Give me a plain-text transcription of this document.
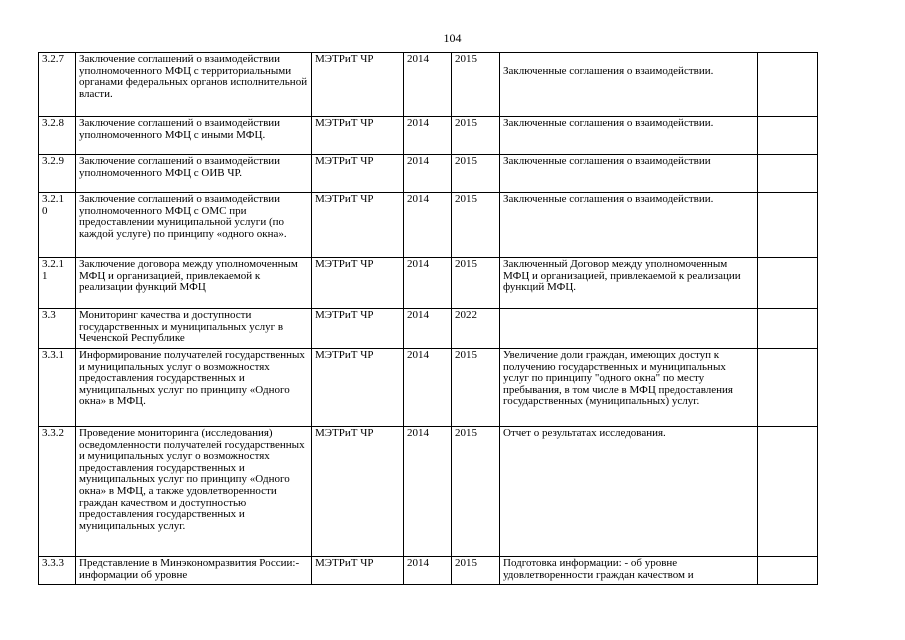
104
3.2.7	Заключение соглашений о взаимодействии уполномоченного МФЦ с территориальными органами федеральных органов исполнительной власти.	МЭТРиТ ЧР	2014	2015	Заключенные соглашения о взаимодействии.	
3.2.8	Заключение соглашений о взаимодействии уполномоченного МФЦ с иными МФЦ.	МЭТРиТ ЧР	2014	2015	Заключенные соглашения о взаимодействии.	
3.2.9	Заключение соглашений о взаимодействии уполномоченного МФЦ с ОИВ ЧР.	МЭТРиТ ЧР	2014	2015	Заключенные соглашения о взаимодействии	
3.2.1 0	Заключение соглашений о взаимодействии уполномоченного МФЦ с ОМС при предоставлении муниципальной услуги (по каждой услуге) по принципу «одного окна».	МЭТРиТ ЧР	2014	2015	Заключенные соглашения о взаимодействии.	
3.2.1 1	Заключение договора между уполномоченным МФЦ и организацией, привлекаемой к реализации функций МФЦ	МЭТРиТ ЧР	2014	2015	Заключенный Договор между уполномоченным МФЦ и организацией, привлекаемой к реализации функций МФЦ.	
3.3	Мониторинг качества и доступности государственных и муниципальных услуг в Чеченской Республике	МЭТРиТ ЧР	2014	2022		
3.3.1	Информирование получателей государственных и муниципальных услуг о возможностях предоставления государственных и муниципальных услуг по принципу «Одного окна» в МФЦ.	МЭТРиТ ЧР	2014	2015	Увеличение доли граждан, имеющих доступ к получению государственных и муниципальных услуг по принципу "одного окна" по месту пребывания, в том числе в МФЦ предоставления государственных (муниципальных) услуг.	
3.3.2	Проведение мониторинга (исследования) осведомленности получателей государственных и муниципальных услуг о возможностях предоставления государственных и муниципальных услуг по принципу «Одного окна» в МФЦ, а также удовлетворенности граждан качеством и доступностью предоставления государственных и муниципальных услуг.	МЭТРиТ ЧР	2014	2015	Отчет о результатах исследования.	
3.3.3	Представление в Минэкономразвития России:- информации об уровне	МЭТРиТ ЧР	2014	2015	Подготовка информации: - об уровне удовлетворенности граждан качеством и	
